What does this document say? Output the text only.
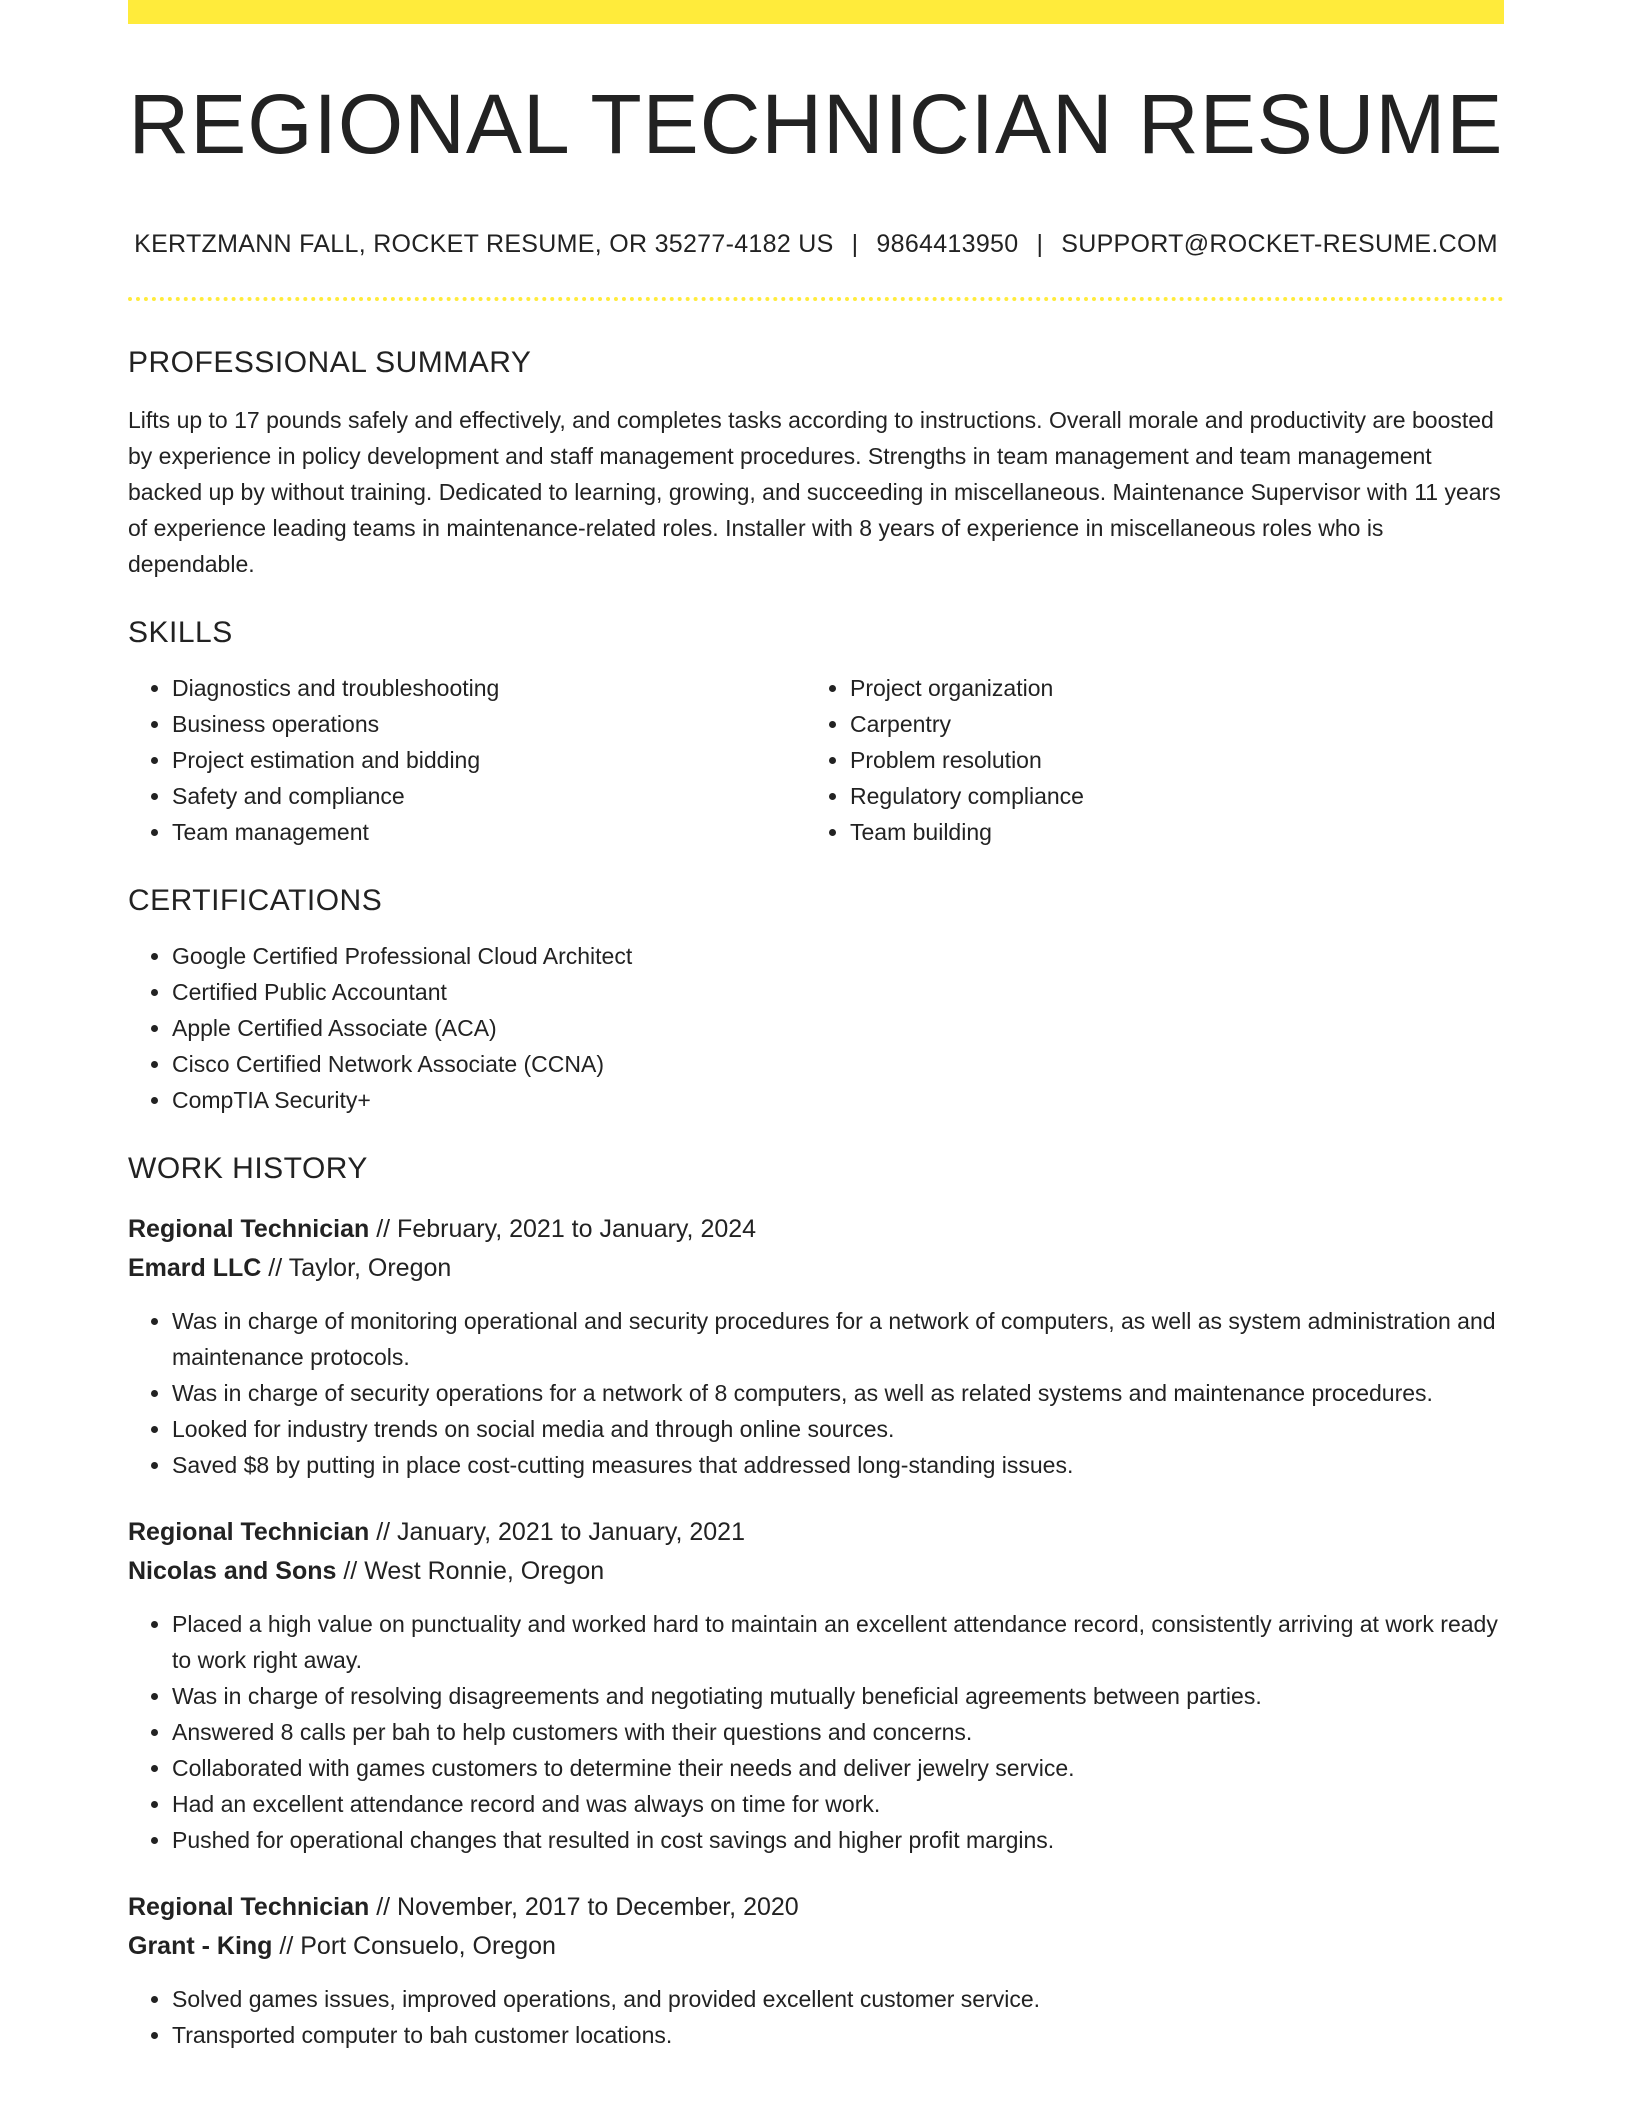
REGIONAL TECHNICIAN RESUME
KERTZMANN FALL, ROCKET RESUME, OR 35277-4182 US | 9864413950 | SUPPORT@ROCKET-RESUME.COM
PROFESSIONAL SUMMARY

Lifts up to 17 pounds safely and effectively, and completes tasks according to instructions. Overall morale and productivity are boosted by experience in policy development and staff management procedures. Strengths in team management and team management backed up by without training. Dedicated to learning, growing, and succeeding in miscellaneous. Maintenance Supervisor with 11 years of experience leading teams in maintenance-related roles. Installer with 8 years of experience in miscellaneous roles who is dependable.

SKILLS
• Diagnostics and troubleshooting
• Business operations
• Project estimation and bidding
• Safety and compliance
• Team management
• Project organization
• Carpentry
• Problem resolution
• Regulatory compliance
• Team building
CERTIFICATIONS
• Google Certified Professional Cloud Architect
• Certified Public Accountant
• Apple Certified Associate (ACA)
• Cisco Certified Network Associate (CCNA)
• CompTIA Security+
WORK HISTORY

Regional Technician // February, 2021 to January, 2024

Emard LLC // Taylor, Oregon

• Was in charge of monitoring operational and security procedures for a network of computers, as well as system administration and maintenance protocols.
• Was in charge of security operations for a network of 8 computers, as well as related systems and maintenance procedures.
• Looked for industry trends on social media and through online sources.
• Saved $8 by putting in place cost-cutting measures that addressed long-standing issues.

Regional Technician // January, 2021 to January, 2021

Nicolas and Sons // West Ronnie, Oregon

• Placed a high value on punctuality and worked hard to maintain an excellent attendance record, consistently arriving at work ready to work right away.
• Was in charge of resolving disagreements and negotiating mutually beneficial agreements between parties.
• Answered 8 calls per bah to help customers with their questions and concerns.
• Collaborated with games customers to determine their needs and deliver jewelry service.
• Had an excellent attendance record and was always on time for work.
• Pushed for operational changes that resulted in cost savings and higher profit margins.

Regional Technician // November, 2017 to December, 2020

Grant - King // Port Consuelo, Oregon

• Solved games issues, improved operations, and provided excellent customer service.
• Transported computer to bah customer locations.
